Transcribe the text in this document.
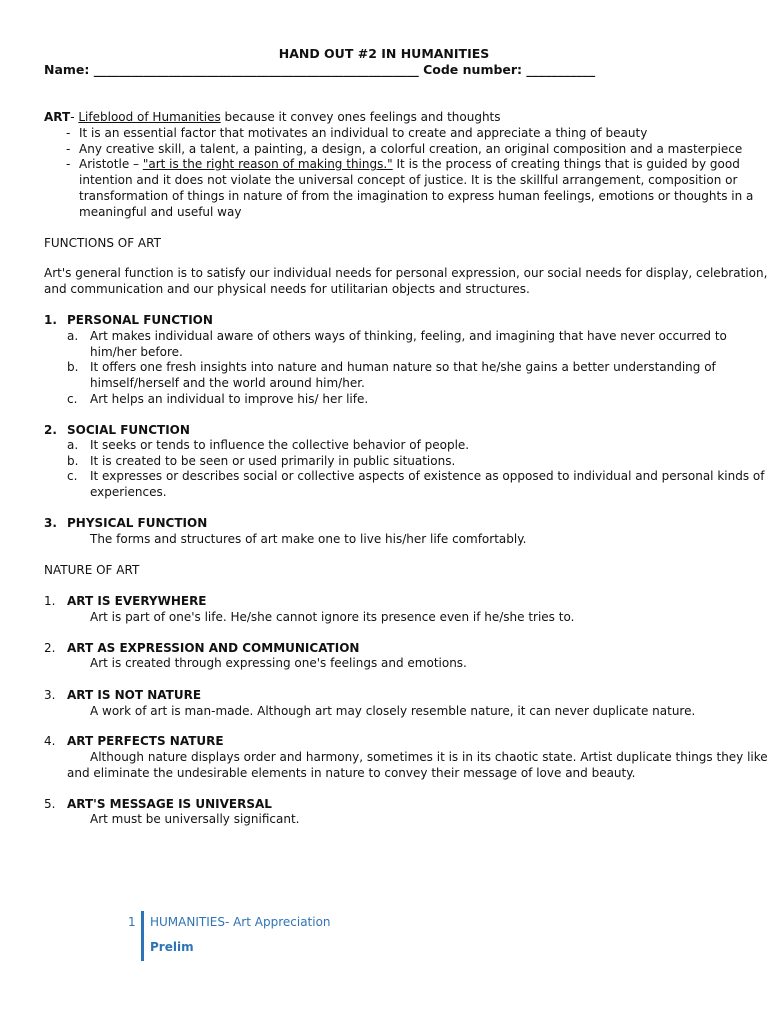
HAND OUT #2 IN HUMANITIES
Name: ____________________________________________________ Code number: ___________
ART- Lifeblood of Humanities because it convey ones feelings and thoughts
- It is an essential factor that motivates an individual to create and appreciate a thing of beauty
- Any creative skill, a talent, a painting, a design, a colorful creation, an original composition and a masterpiece
- Aristotle – "art is the right reason of making things." It is the process of creating things that is guided by good
intention and it does not violate the universal concept of justice. It is the skillful arrangement, composition or
transformation of things in nature of from the imagination to express human feelings, emotions or thoughts in a
meaningful and useful way
FUNCTIONS OF ART
Art's general function is to satisfy our individual needs for personal expression, our social needs for display, celebration,
and communication and our physical needs for utilitarian objects and structures.
1. PERSONAL FUNCTION
a. Art makes individual aware of others ways of thinking, feeling, and imagining that have never occurred to
him/her before.
b. It offers one fresh insights into nature and human nature so that he/she gains a better understanding of
himself/herself and the world around him/her.
c. Art helps an individual to improve his/ her life.
2. SOCIAL FUNCTION
a. It seeks or tends to influence the collective behavior of people.
b. It is created to be seen or used primarily in public situations.
c. It expresses or describes social or collective aspects of existence as opposed to individual and personal kinds of
experiences.
3. PHYSICAL FUNCTION
The forms and structures of art make one to live his/her life comfortably.
NATURE OF ART
1. ART IS EVERYWHERE
Art is part of one's life. He/she cannot ignore its presence even if he/she tries to.
2. ART AS EXPRESSION AND COMMUNICATION
Art is created through expressing one's feelings and emotions.
3. ART IS NOT NATURE
A work of art is man-made. Although art may closely resemble nature, it can never duplicate nature.
4. ART PERFECTS NATURE
Although nature displays order and harmony, sometimes it is in its chaotic state. Artist duplicate things they like
and eliminate the undesirable elements in nature to convey their message of love and beauty.
5. ART'S MESSAGE IS UNIVERSAL
Art must be universally significant.
1 HUMANITIES- Art Appreciation
Prelim
